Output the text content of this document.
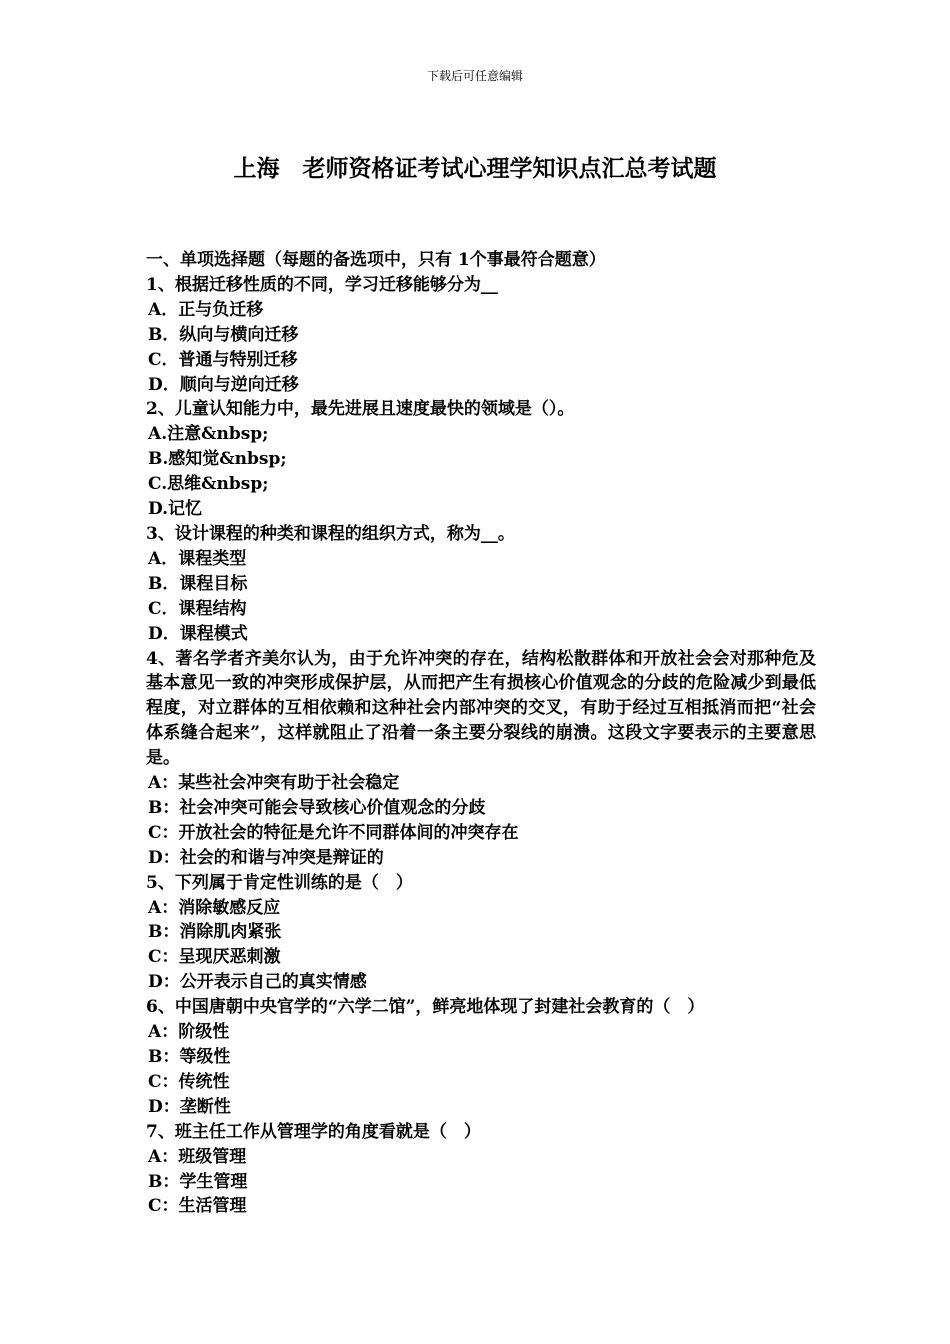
下载后可任意编辑
上海　老师资格证考试心理学知识点汇总考试题
一、单项选择题（每题的备选项中，只有 1个事最符合题意）
1、根据迁移性质的不同，学习迁移能够分为__
A．正与负迁移
B．纵向与横向迁移
C．普通与特别迁移
D．顺向与逆向迁移
2、儿童认知能力中，最先进展且速度最快的领域是（）。
A.注意&nbsp;
B.感知觉&nbsp;
C.思维&nbsp;
D.记忆
3、设计课程的种类和课程的组织方式，称为__。
A．课程类型
B．课程目标
C．课程结构
D．课程模式
4、著名学者齐美尔认为，由于允许冲突的存在，结构松散群体和开放社会会对那种危及基本意见一致的冲突形成保护层，从而把产生有损核心价值观念的分歧的危险减少到最低程度，对立群体的互相依赖和这种社会内部冲突的交叉，有助于经过互相抵消而把“社会体系缝合起来”，这样就阻止了沿着一条主要分裂线的崩溃。这段文字要表示的主要意思是。
A：某些社会冲突有助于社会稳定
B：社会冲突可能会导致核心价值观念的分歧
C：开放社会的特征是允许不同群体间的冲突存在
D：社会的和谐与冲突是辩证的
5、下列属于肯定性训练的是（　）
A：消除敏感反应
B：消除肌肉紧张
C：呈现厌恶刺激
D：公开表示自己的真实情感
6、中国唐朝中央官学的“六学二馆”，鲜亮地体现了封建社会教育的（　）
A：阶级性
B：等级性
C：传统性
D：垄断性
7、班主任工作从管理学的角度看就是（　）
A：班级管理
B：学生管理
C：生活管理
